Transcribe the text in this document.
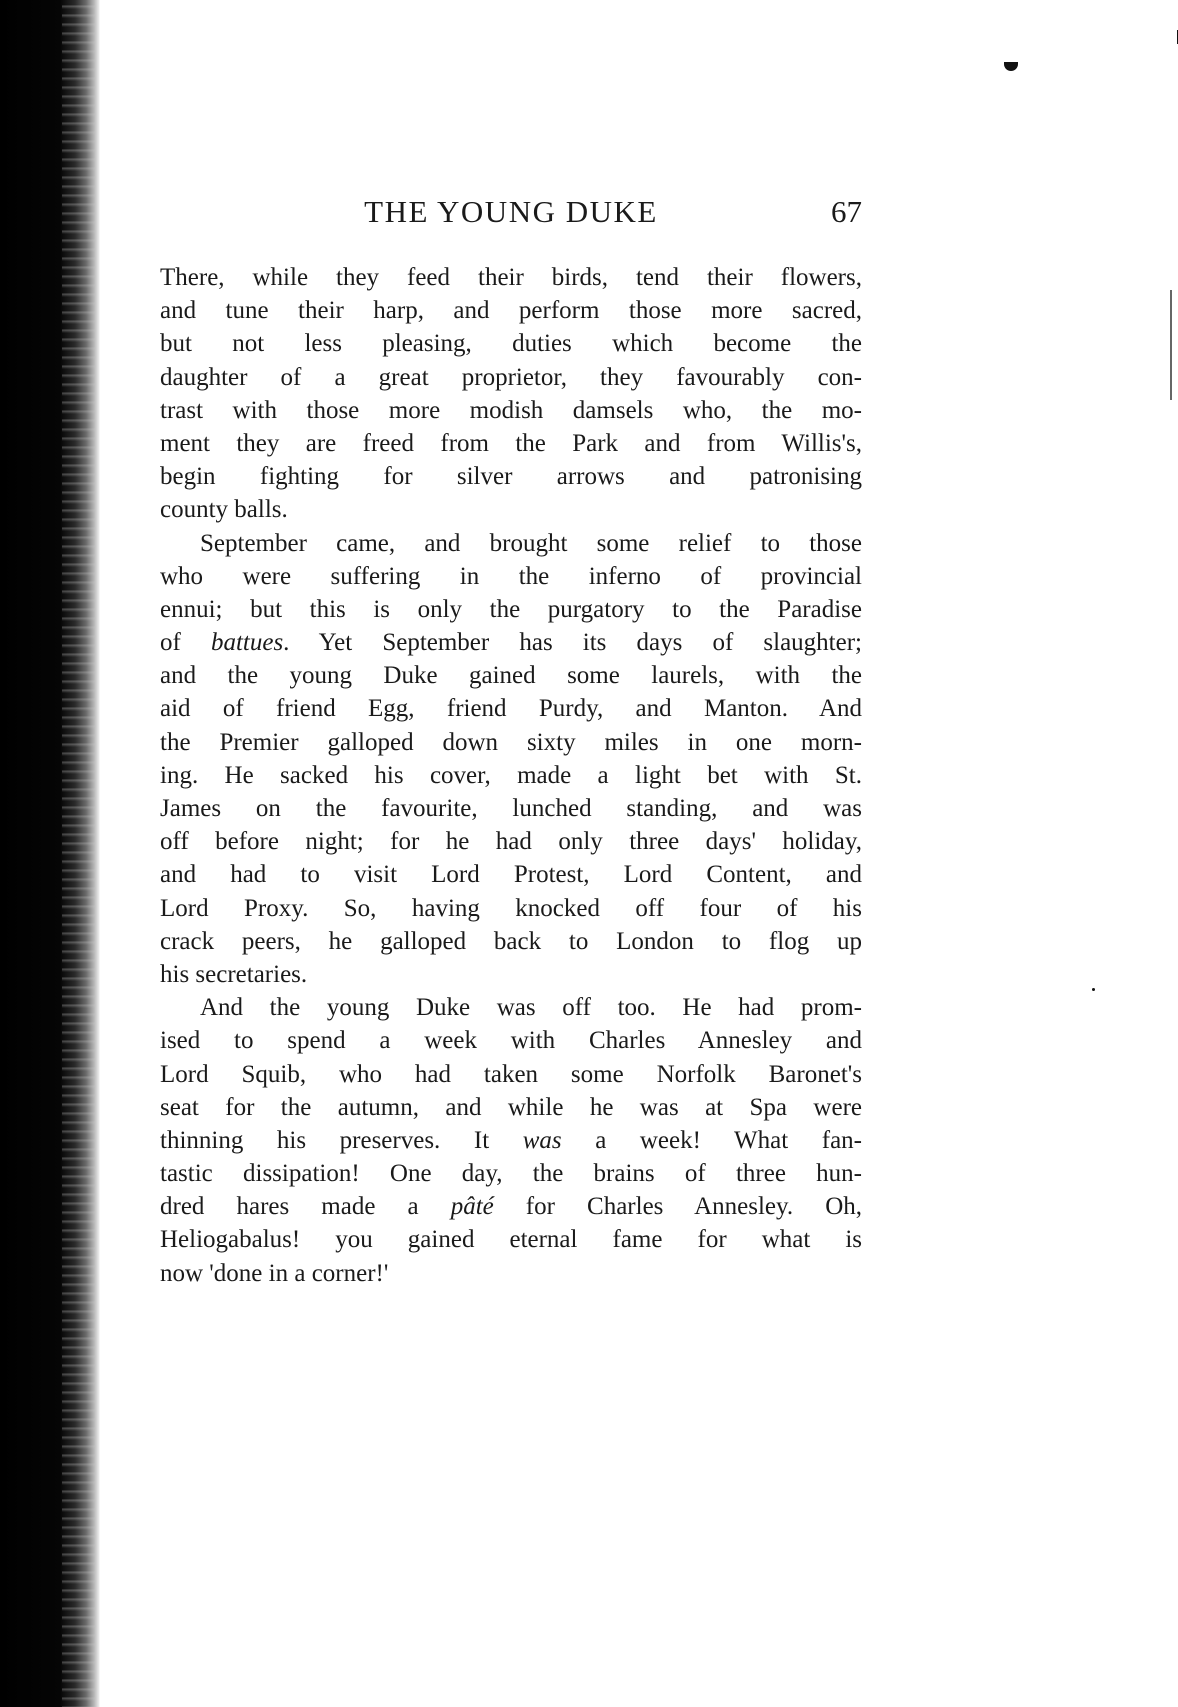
THE YOUNG DUKE	67
There, while they feed their birds, tend their flowers,
and tune their harp, and perform those more sacred,
but not less pleasing, duties which become the
daughter of a great proprietor, they favourably con-
trast with those more modish damsels who, the mo-
ment they are freed from the Park and from Willis's,
begin fighting for silver arrows and patronising
county balls.
September came, and brought some relief to those
who were suffering in the inferno of provincial
ennui; but this is only the purgatory to the Paradise
of battues. Yet September has its days of slaughter;
and the young Duke gained some laurels, with the
aid of friend Egg, friend Purdy, and Manton. And
the Premier galloped down sixty miles in one morn-
ing. He sacked his cover, made a light bet with St.
James on the favourite, lunched standing, and was
off before night; for he had only three days' holiday,
and had to visit Lord Protest, Lord Content, and
Lord Proxy. So, having knocked off four of his
crack peers, he galloped back to London to flog up
his secretaries.
And the young Duke was off too. He had prom-
ised to spend a week with Charles Annesley and
Lord Squib, who had taken some Norfolk Baronet's
seat for the autumn, and while he was at Spa were
thinning his preserves. It was a week! What fan-
tastic dissipation! One day, the brains of three hun-
dred hares made a pâté for Charles Annesley. Oh,
Heliogabalus! you gained eternal fame for what is
now 'done in a corner!'
